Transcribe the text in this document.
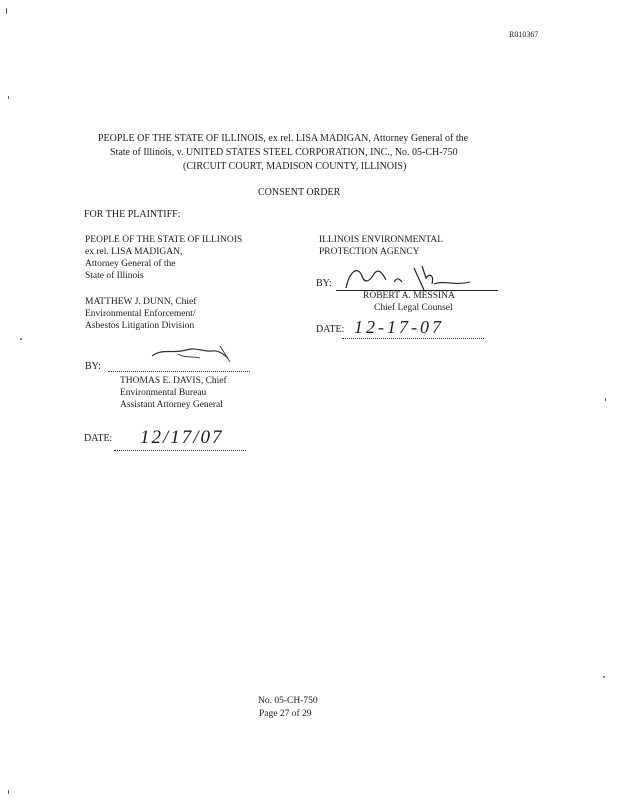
R010367
PEOPLE OF THE STATE OF ILLINOIS, ex rel. LISA MADIGAN, Attorney General of the
State of Illinois, v. UNITED STATES STEEL CORPORATION, INC., No. 05-CH-750
(CIRCUIT COURT, MADISON COUNTY, ILLINOIS)
CONSENT ORDER
FOR THE PLAINTIFF:
PEOPLE OF THE STATE OF ILLINOIS
ex rel. LISA MADIGAN,
Attorney General of the
State of Illinois
MATTHEW J. DUNN, Chief
Environmental Enforcement/
Asbestos Litigation Division
BY:
THOMAS E. DAVIS, Chief
Environmental Bureau
Assistant Attorney General
DATE: 12/17/07
ILLINOIS ENVIRONMENTAL
PROTECTION AGENCY
BY:
ROBERT A. MESSINA
Chief Legal Counsel
DATE: 12-17-07
No. 05-CH-750
Page 27 of 29
